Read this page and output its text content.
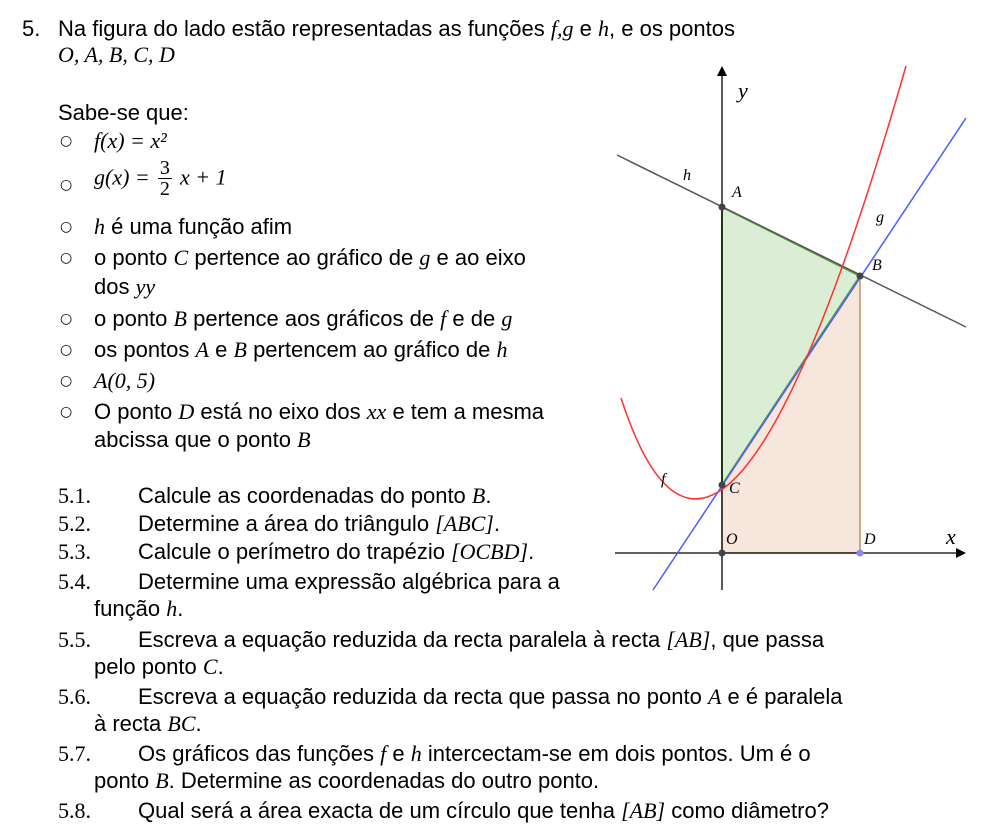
5. Na figura do lado estão representadas as funções f,g e h, e os pontos
O, A, B, C, D
Sabe-se que:
○ f(x) = x²
○ $g(x) = \frac{3}{2}$ x + 1
○ h é uma função afim
○ o ponto C pertence ao gráfico de g e ao eixo
dos yy
○ o ponto B pertence aos gráficos de f e de g
○ os pontos A e B pertencem ao gráfico de h
○ A(0, 5)
○ O ponto D está no eixo dos xx e tem a mesma
abcissa que o ponto B
5.1. Calcule as coordenadas do ponto B.
5.2. Determine a área do triângulo [ABC].
5.3. Calcule o perímetro do trapézio [OCBD].
5.4. Determine uma expressão algébrica para a
função h.
5.5. Escreva a equação reduzida da recta paralela à recta [AB], que passa
pelo ponto C.
5.6. Escreva a equação reduzida da recta que passa no ponto A e é paralela
à recta BC.
5.7. Os gráficos das funções f e h intercectam-se em dois pontos. Um é o
ponto B. Determine as coordenadas do outro ponto.
5.8. Qual será a área exacta de um círculo que tenha [AB] como diâmetro?
y
x
h
A
g
B
f
C
O	D
